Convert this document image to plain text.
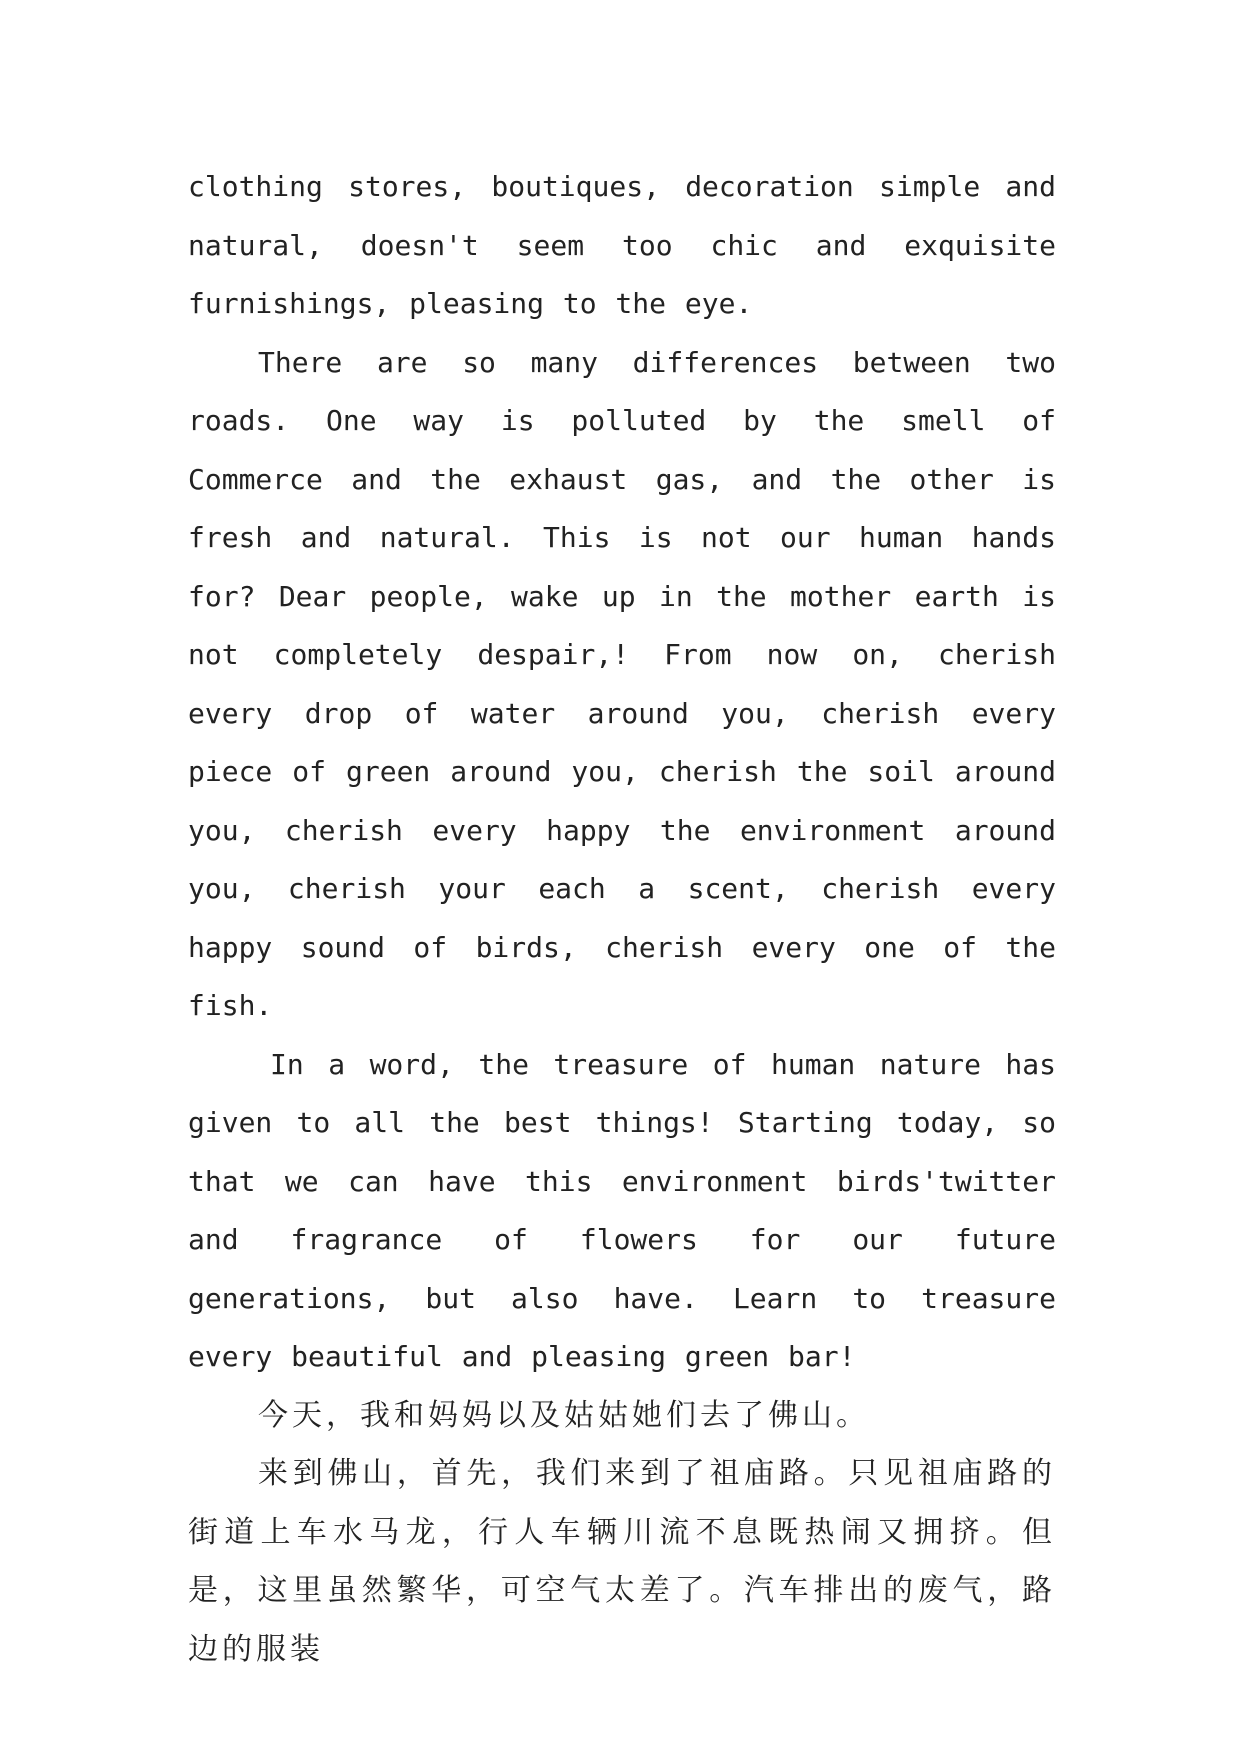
clothing stores, boutiques, decoration simple and natural, doesn't seem too chic and exquisite furnishings, pleasing to the eye.

There are so many differences between two roads. One way is polluted by the smell of Commerce and the exhaust gas, and the other is fresh and natural. This is not our human hands for? Dear people, wake up in the mother earth is not completely despair,! From now on, cherish every drop of water around you, cherish every piece of green around you, cherish the soil around you, cherish every happy the environment around you, cherish your each a scent, cherish every happy sound of birds, cherish every one of the fish.

In a word, the treasure of human nature has given to all the best things! Starting today, so that we can have this environment birds'twitter and fragrance of flowers for our future generations, but also have. Learn to treasure every beautiful and pleasing green bar!

今天，我和妈妈以及姑姑她们去了佛山。

来到佛山，首先，我们来到了祖庙路。只见祖庙路的街道上车水马龙，行人车辆川流不息既热闹又拥挤。但是，这里虽然繁华，可空气太差了。汽车排出的废气，路边的服装
